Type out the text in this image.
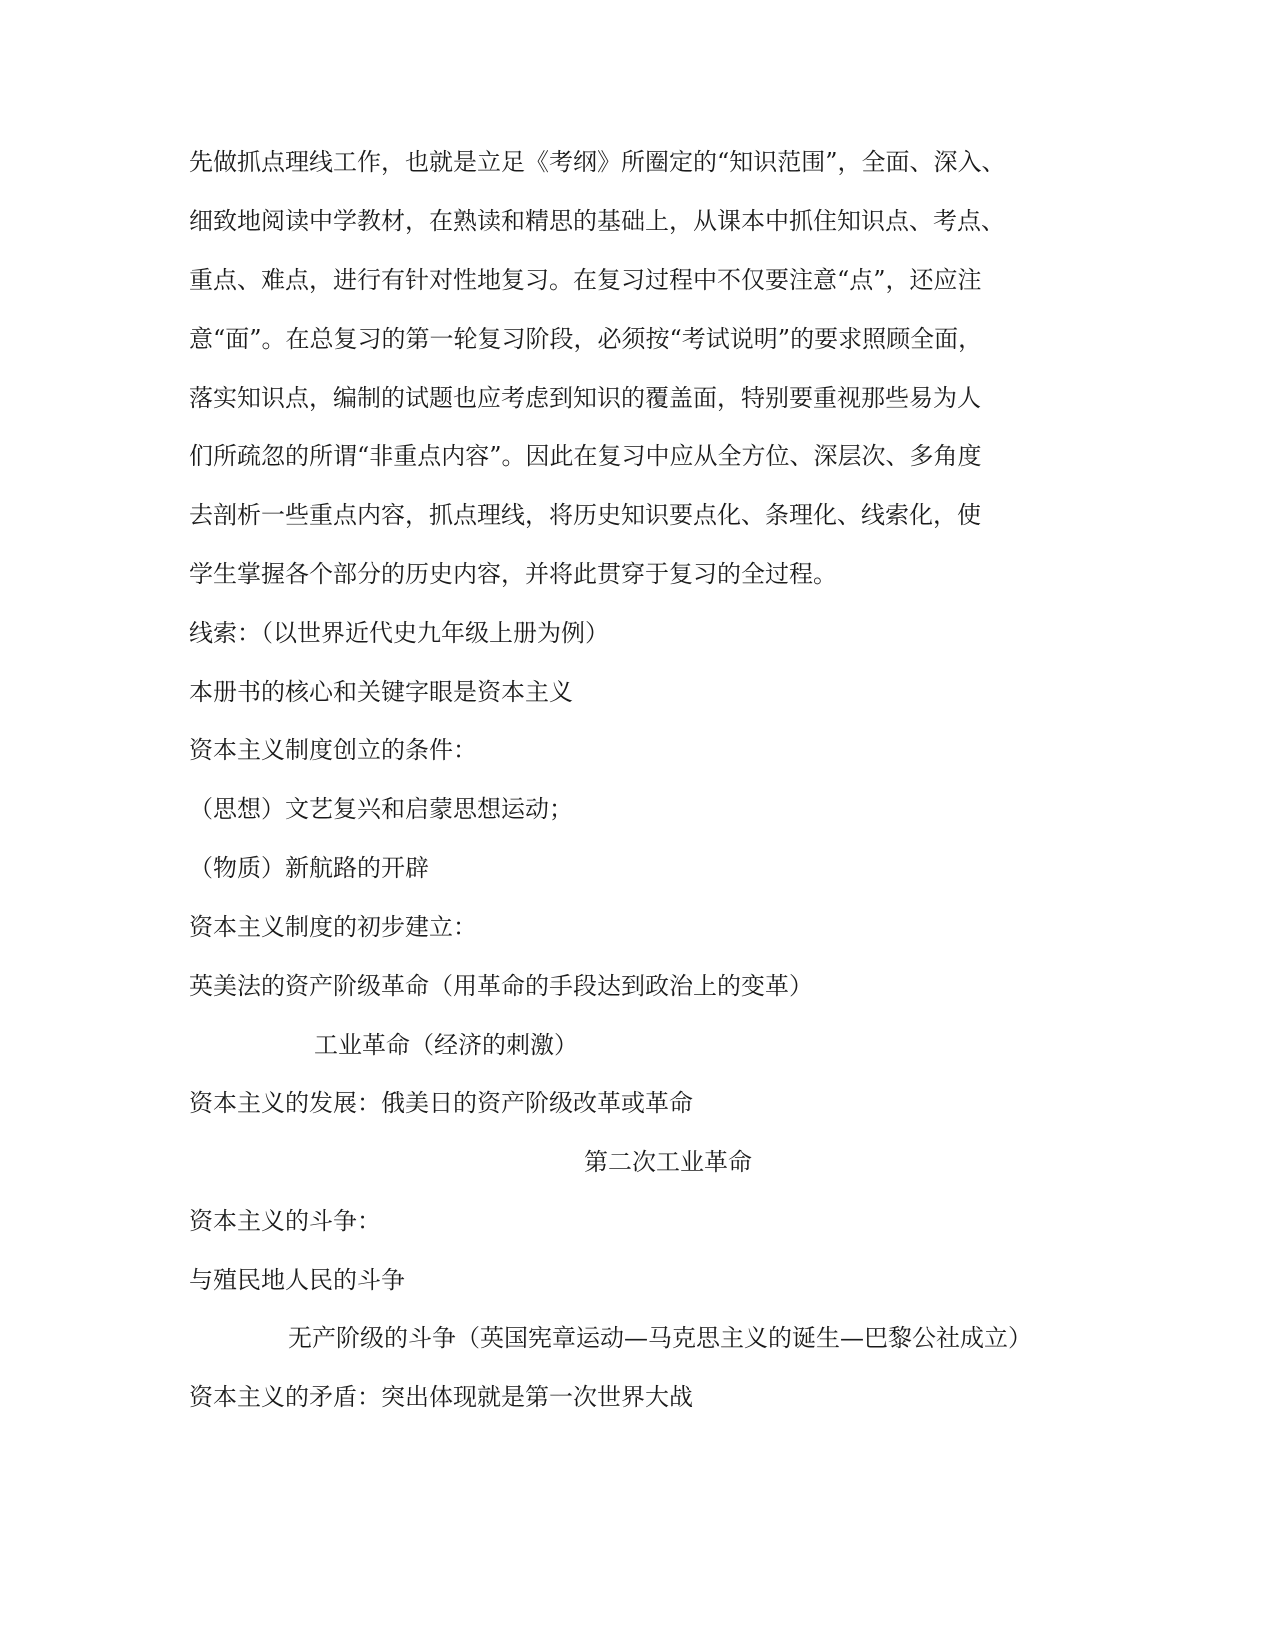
先做抓点理线工作，也就是立足《考纲》所圈定的“知识范围”，全面、深入、
细致地阅读中学教材，在熟读和精思的基础上，从课本中抓住知识点、考点、
重点、难点，进行有针对性地复习。在复习过程中不仅要注意“点”，还应注
意“面”。在总复习的第一轮复习阶段，必须按“考试说明”的要求照顾全面，
落实知识点，编制的试题也应考虑到知识的覆盖面，特别要重视那些易为人
们所疏忽的所谓“非重点内容”。因此在复习中应从全方位、深层次、多角度
去剖析一些重点内容，抓点理线，将历史知识要点化、条理化、线索化，使
学生掌握各个部分的历史内容，并将此贯穿于复习的全过程。
线索：（以世界近代史九年级上册为例）
本册书的核心和关键字眼是资本主义
资本主义制度创立的条件：
（思想）文艺复兴和启蒙思想运动；
（物质）新航路的开辟
资本主义制度的初步建立：
英美法的资产阶级革命（用革命的手段达到政治上的变革）
工业革命（经济的刺激）
资本主义的发展：俄美日的资产阶级改革或革命
第二次工业革命
资本主义的斗争：
与殖民地人民的斗争
无产阶级的斗争（英国宪章运动—马克思主义的诞生—巴黎公社成立）
资本主义的矛盾：突出体现就是第一次世界大战
